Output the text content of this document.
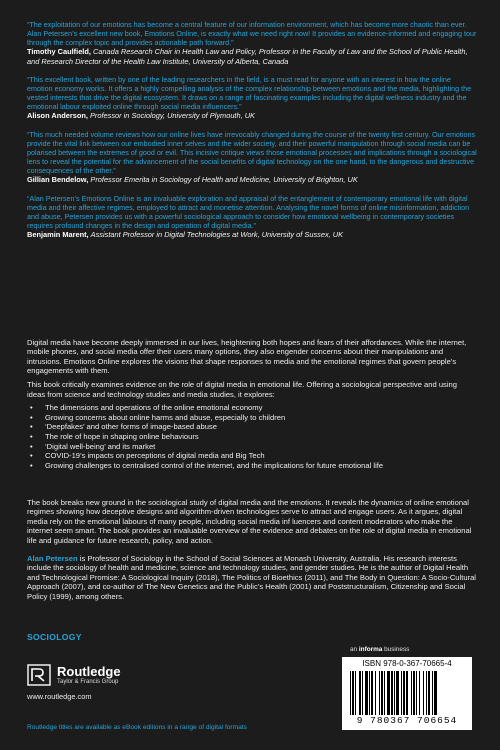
“The exploitation of our emotions has become a central feature of our information environment, which has become more chaotic than ever. Alan Petersen’s excellent new book, Emotions Online, is exactly what we need right now! It provides an evidence-informed and engaging tour through the complex topic and provides actionable path forward.”

Timothy Caulfield, Canada Research Chair in Health Law and Policy, Professor in the Faculty of Law and the School of Public Health, and Research Director of the Health Law Institute, University of Alberta, Canada

“This excellent book, written by one of the leading researchers in the field, is a must read for anyone with an interest in how the online emotion economy works. It offers a highly compelling analysis of the complex relationship between emotions and the media, highlighting the vested interests that drive the digital ecosystem. It draws on a range of fascinating examples including the digital wellness industry and the emotional labour exploited online through social media influencers.”

Alison Anderson, Professor in Sociology, University of Plymouth, UK

“This much needed volume reviews how our online lives have irrevocably changed during the course of the twenty first century. Our emotions provide the vital link between our embodied inner selves and the wider society, and their powerful manipulation through social media can be polarised between the extremes of good or evil. This incisive critique views those emotional processes and implications through a sociological lens to reveal the potential for the advancement of the social benefits of digital technology on the one hand, to the dangerous and destructive consequences of the other.”

Gillian Bendelow, Professor Emerita in Sociology of Health and Medicine, University of Brighton, UK

“Alan Petersen’s Emotions Online is an invaluable exploration and appraisal of the entanglement of contemporary emotional life with digital media and their affective regimes, employed to attract and monetise attention. Analysing the novel forms of online misinformation, addiction and abuse, Petersen provides us with a powerful sociological approach to consider how emotional wellbeing in contemporary societies requires profound changes in the design and operation of digital media.”

Benjamin Marent, Assistant Professor in Digital Technologies at Work, University of Sussex, UK

Digital media have become deeply immersed in our lives, heightening both hopes and fears of their affordances. While the internet, mobile phones, and social media offer their users many options, they also engender concerns about their manipulations and intrusions. Emotions Online explores the visions that shape responses to media and the emotional regimes that govern people’s engagements with them.

This book critically examines evidence on the role of digital media in emotional life. Offering a sociological perspective and using ideas from science and technology studies and media studies, it explores:
• The dimensions and operations of the online emotional economy
• Growing concerns about online harms and abuse, especially to children
• ‘Deepfakes’ and other forms of image-based abuse
• The role of hope in shaping online behaviours
• ‘Digital well-being’ and its market
• COVID-19’s impacts on perceptions of digital media and Big Tech
• Growing challenges to centralised control of the internet, and the implications for future emotional life

The book breaks new ground in the sociological study of digital media and the emotions. It reveals the dynamics of online emotional regimes showing how deceptive designs and algorithm-driven technologies serve to attract and engage users. As it argues, digital media rely on the emotional labours of many people, including social media inf luencers and content moderators who make the internet seem smart. The book provides an invaluable overview of the evidence and debates on the role of digital media in emotional life and guidance for future research, policy, and action.

Alan Petersen is Professor of Sociology in the School of Social Sciences at Monash University, Australia. His research interests include the sociology of health and medicine, science and technology studies, and gender studies. He is the author of Digital Health and Technological Promise: A Sociological Inquiry (2018), The Politics of Bioethics (2011), and The Body in Question: A Socio-Cultural Approach (2007), and co-author of The New Genetics and the Public’s Health (2001) and Poststructuralism, Citizenship and Social Policy (1999), among others.

SOCIOLOGY
Routledge
Taylor & Francis Group
www.routledge.com
an informa business
ISBN 978-0-367-70665-4
9 780367 706654
Routledge titles are available as eBook editions in a range of digital formats
